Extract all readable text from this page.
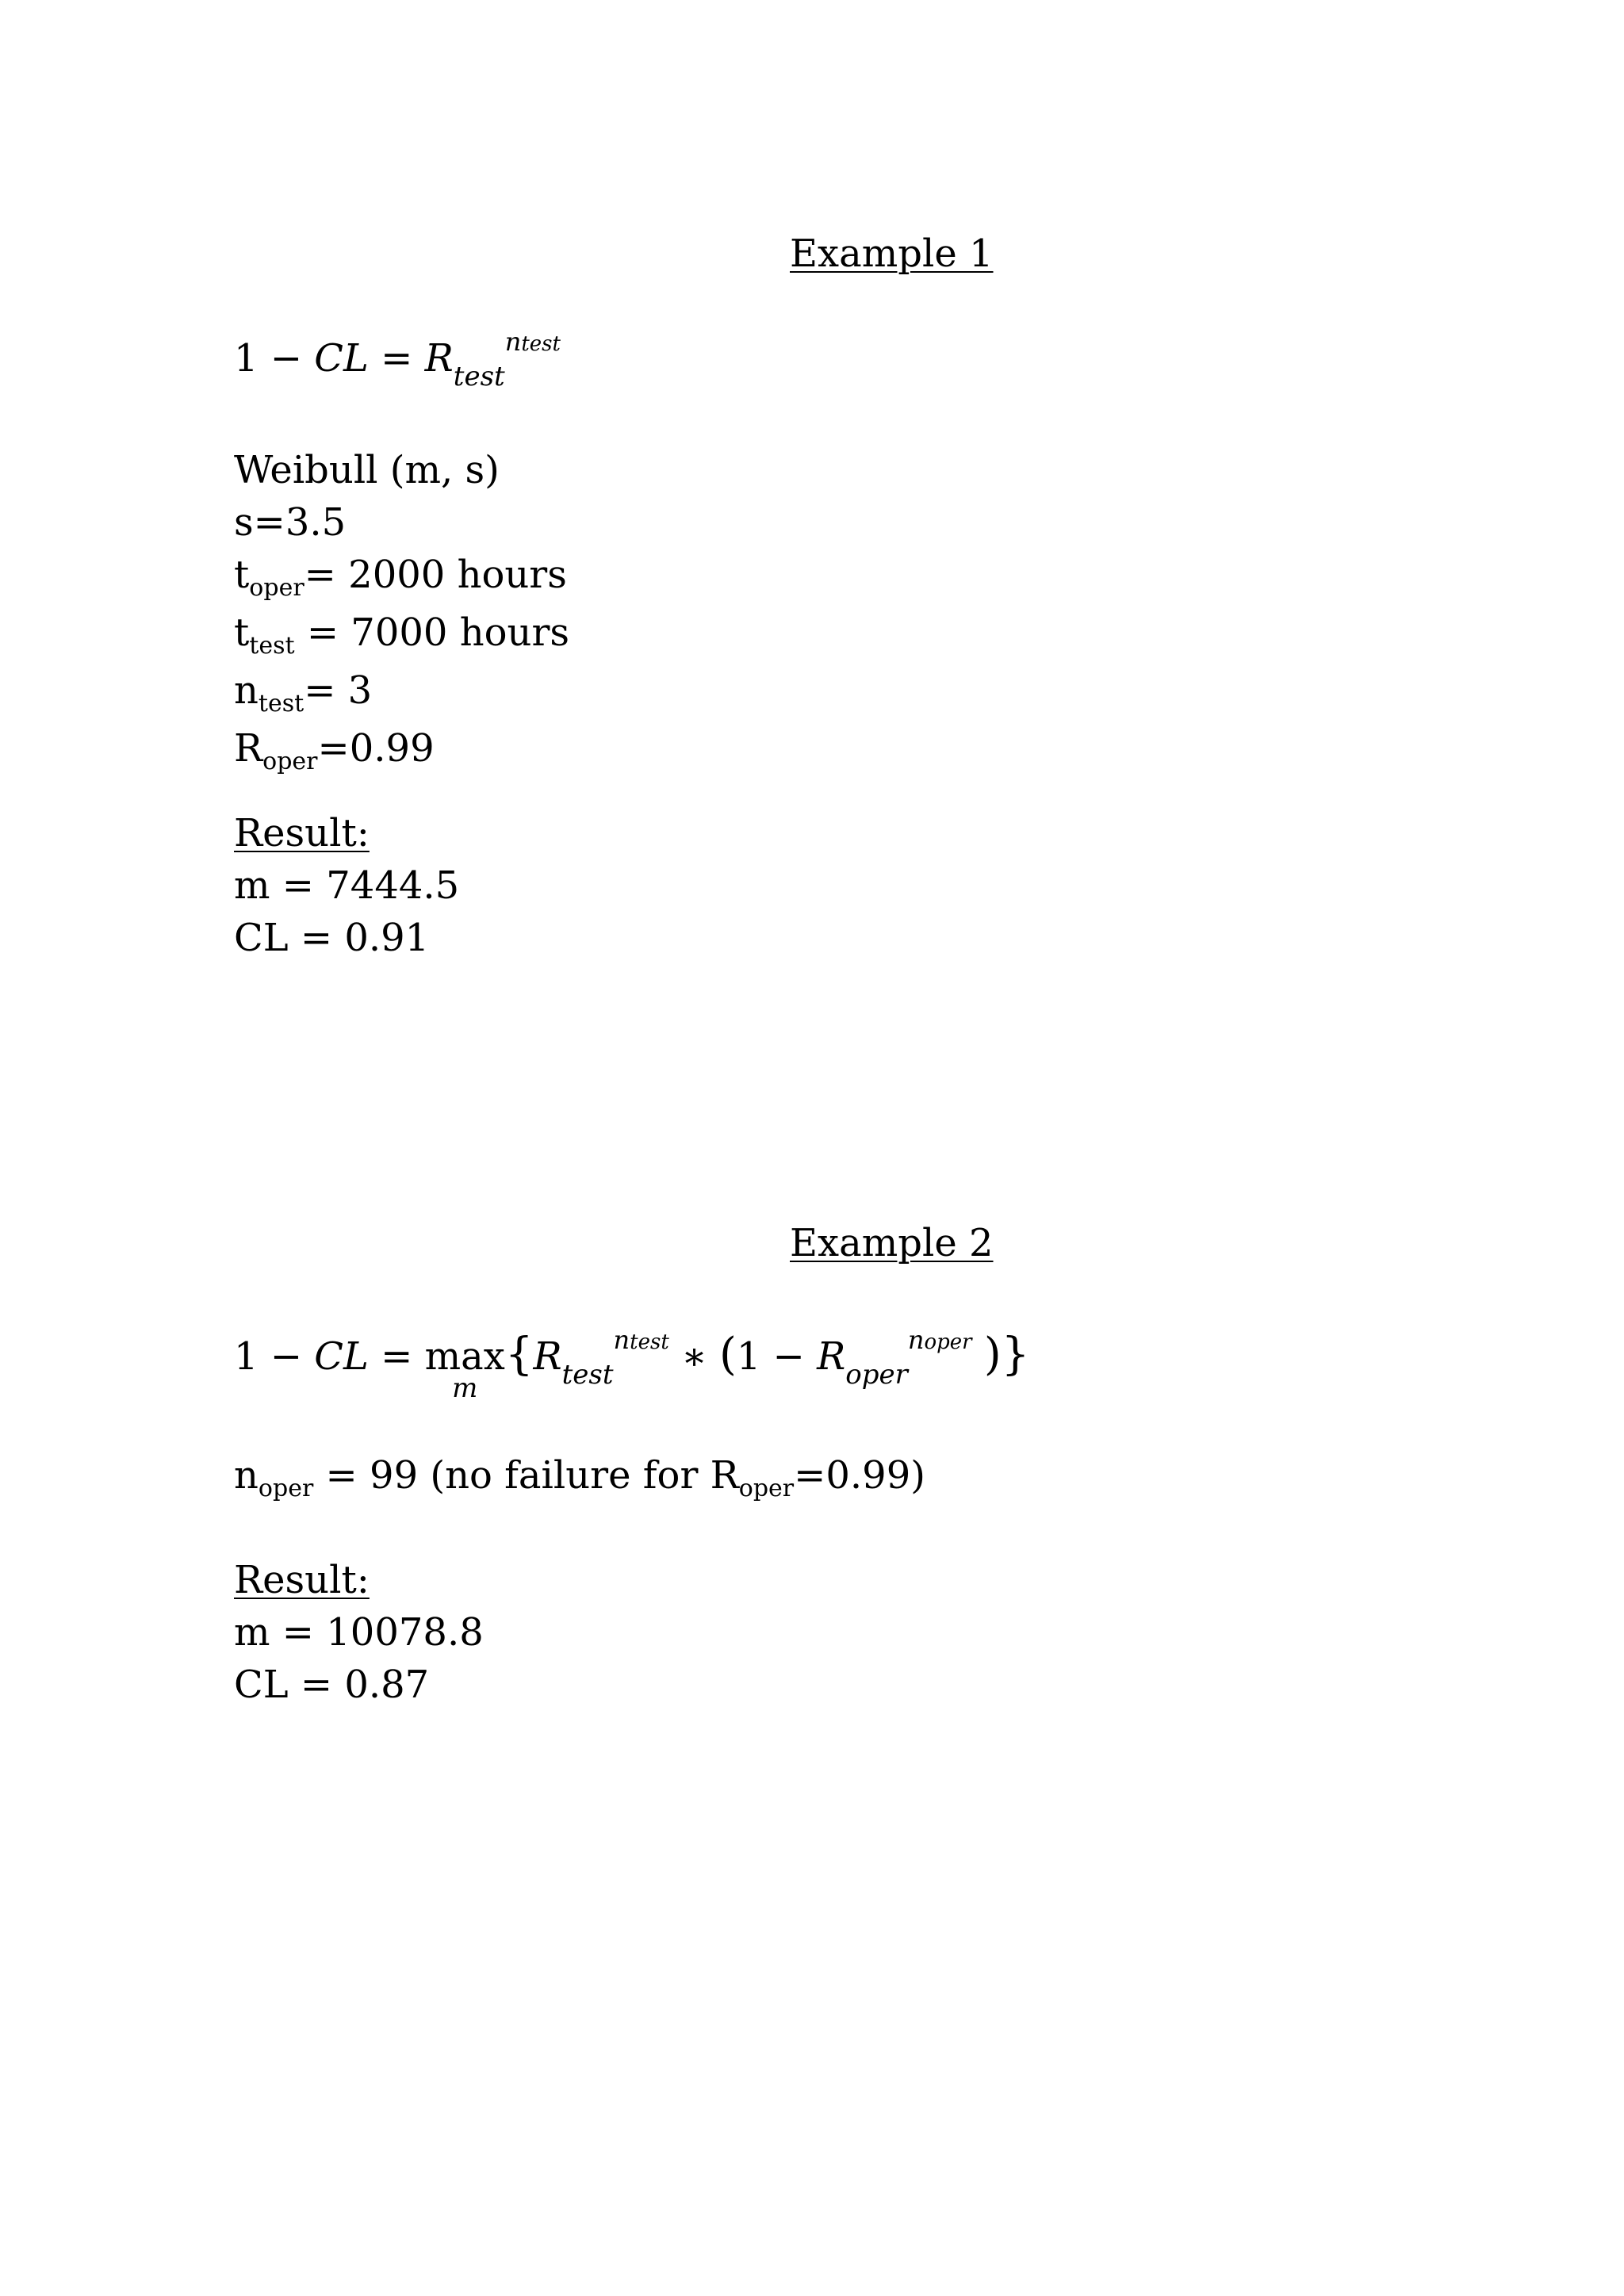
Example 1
1 − CL = $R_{test}^{ntest}$
Weibull (m, s)
s=3.5
$t_{oper}= 2000$ hours
$t_{test} = 7000$ hours
$n_{test}= 3$
$R_{oper}=0.99$
Result:
m = 7444.5
CL = 0.91
Example 2
1 − CL = max
m
{$R_{test}^{ntest}$ ∗ ($1 - R_{oper}^{noper}$ )}
$n_{oper} = 99$ (no failure for $R_{oper}=0.99$)
Result:
m = 10078.8
CL = 0.87
